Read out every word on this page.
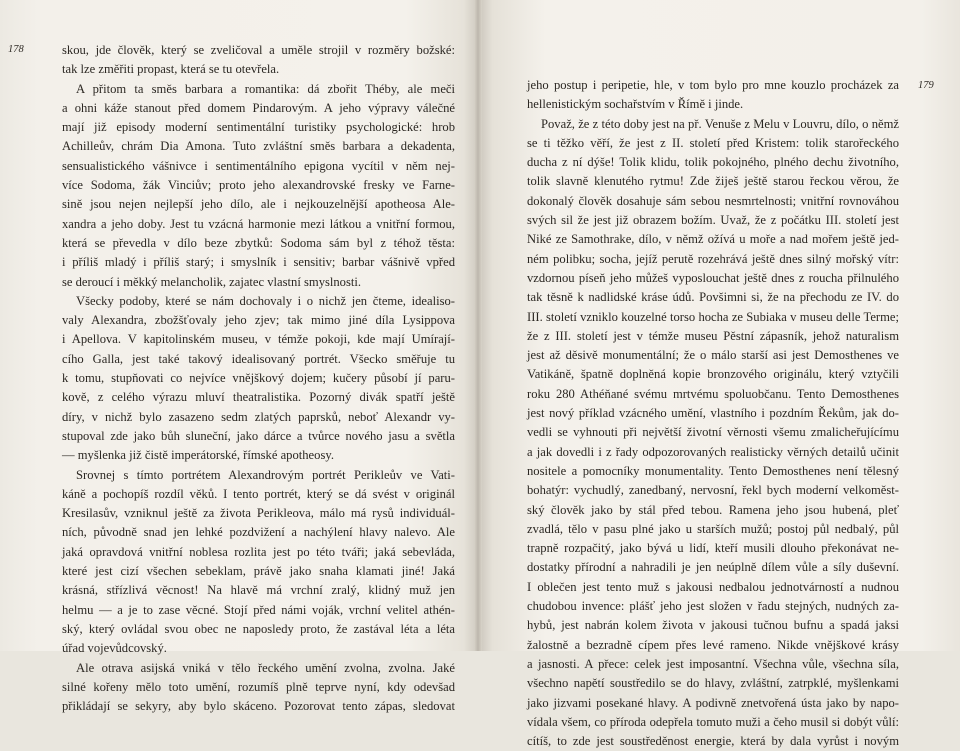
178	skou, jde člověk, který se zveličoval a uměle strojil v rozměry božské:
tak lze změřiti propast, která se tu otevřela.
A přitom ta směs barbara a romantika: dá zbořit Théby, ale meči
a ohni káže stanout před domem Pindarovým. A jeho výpravy válečné
mají již episody moderní sentimentální turistiky psychologické: hrob
Achilleův, chrám Dia Amona. Tuto zvláštní směs barbara a dekadenta,
sensualistického vášnivce i sentimentálního epigona vycítil v něm nej-
více Sodoma, žák Vinciův; proto jeho alexandrovské fresky ve Farne-
sině jsou nejen nejlepší jeho dílo, ale i nejkouzelnější apotheosa Ale-
xandra a jeho doby. Jest tu vzácná harmonie mezi látkou a vnitřní formou,
která se převedla v dílo beze zbytků: Sodoma sám byl z téhož těsta:
i příliš mladý i příliš starý; i smyslník i sensitiv; barbar vášnivě vpřed
se deroucí i měkký melancholik, zajatec vlastní smyslnosti.
Všecky podoby, které se nám dochovaly i o nichž jen čteme, idealiso-
valy Alexandra, zbožšťovaly jeho zjev; tak mimo jiné díla Lysippova
i Apellova. V kapitolinském museu, v témže pokoji, kde mají Umírají-
cího Galla, jest také takový idealisovaný portrét. Všecko směřuje tu
k tomu, stupňovati co nejvíce vnějškový dojem; kučery působí jí paru-
kově, z celého výrazu mluví theatralistika. Pozorný divák spatří ještě
díry, v nichž bylo zasazeno sedm zlatých paprsků, neboť Alexandr vy-
stupoval zde jako bůh sluneční, jako dárce a tvůrce nového jasu a světla
— myšlenka již čistě imperátorské, římské apotheosy.
Srovnej s tímto portrétem Alexandrovým portrét Perikleův ve Vati-
káně a pochopíš rozdíl věků. I tento portrét, který se dá svést v originál
Kresilasův, vzniknul ještě za života Perikleova, málo má rysů individuál-
ních, původně snad jen lehké pozdvižení a nachýlení hlavy nalevo. Ale
jaká opravdová vnitřní noblesa rozlita jest po této tváři; jaká sebevláda,
které jest cizí všechen sebeklam, právě jako snaha klamati jiné! Jaká
krásná, střízlivá věcnost! Na hlavě má vrchní zralý, klidný muž jen
helmu — a je to zase věcné. Stojí před námi voják, vrchní velitel athén-
ský, který ovládal svou obec ne naposledy proto, že zastával léta a léta
úřad vojevůdcovský.
Ale otrava asijská vniká v tělo řeckého umění zvolna, zvolna. Jaké
silné kořeny mělo toto umění, rozumíš plně teprve nyní, kdy odevšad
přikládají se sekyry, aby bylo skáceno. Pozorovat tento zápas, sledovat
179
jeho postup i peripetie, hle, v tom bylo pro mne kouzlo procházek za
hellenistickým sochařstvím v Římě i jinde.
Považ, že z této doby jest na př. Venuše z Melu v Louvru, dílo, o němž
se ti těžko věří, že jest z II. století před Kristem: tolik starořeckého
ducha z ní dýše! Tolik klidu, tolik pokojného, plného dechu životního,
tolik slavně klenutého rytmu! Zde žiješ ještě starou řeckou věrou, že
dokonalý člověk dosahuje sám sebou nesmrtelnosti; vnitřní rovnováhou
svých sil že jest již obrazem božím. Uvaž, že z počátku III. století jest
Niké ze Samothrake, dílo, v němž ožívá u moře a nad mořem ještě jed-
ném polibku; socha, jejíž perutě rozehrává ještě dnes silný mořský vítr:
vzdornou píseň jeho můžeš vyposlouchat ještě dnes z roucha přilnulého
tak těsně k nadlidské kráse údů. Povšimni si, že na přechodu ze IV. do
III. století vzniklo kouzelné torso hocha ze Subiaka v museu delle Terme;
že z III. století jest v témže museu Pěstní zápasník, jehož naturalism
jest až děsivě monumentální; že o málo starší asi jest Demosthenes ve
Vatikáně, špatně doplněná kopie bronzového originálu, který vztyčili
roku 280 Athéňané svému mrtvému spoluobčanu. Tento Demosthenes
jest nový příklad vzácného umění, vlastního i pozdním Řekům, jak do-
vedli se vyhnouti při největší životní věrnosti všemu zmalicheřujícímu
a jak dovedli i z řady odpozorovaných realisticky věrných detailů učinit
nositele a pomocníky monumentality. Tento Demosthenes není tělesný
bohatýr: vychudlý, zanedbaný, nervosní, řekl bych moderní velkoměst-
ský člověk jako by stál před tebou. Ramena jeho jsou hubená, pleť
zvadlá, tělo v pasu plné jako u starších mužů; postoj půl nedbalý, půl
trapně rozpačitý, jako bývá u lidí, kteří musili dlouho překonávat ne-
dostatky přírodní a nahradili je jen neúplně dílem vůle a síly duševní.
I oblečen jest tento muž s jakousi nedbalou jednotvárností a nudnou
chudobou invence: plášť jeho jest složen v řadu stejných, nudných za-
hybů, jest nabrán kolem života v jakousi tučnou bufnu a spadá jaksi
žalostně a bezradně cípem přes levé rameno. Nikde vnějškové krásy
a jasnosti. A přece: celek jest imposantní. Všechna vůle, všechna síla,
všechno napětí soustředilo se do hlavy, zvláštní, zatrpklé, myšlenkami
jako jizvami posekané hlavy. A podivně znetvořená ústa jako by napo-
vídala všem, co příroda odepřela tomuto muži a čeho musil si dobýt vůlí:
cítíš, to zde jest soustředěnost energie, která by dala vyrůst i novým
